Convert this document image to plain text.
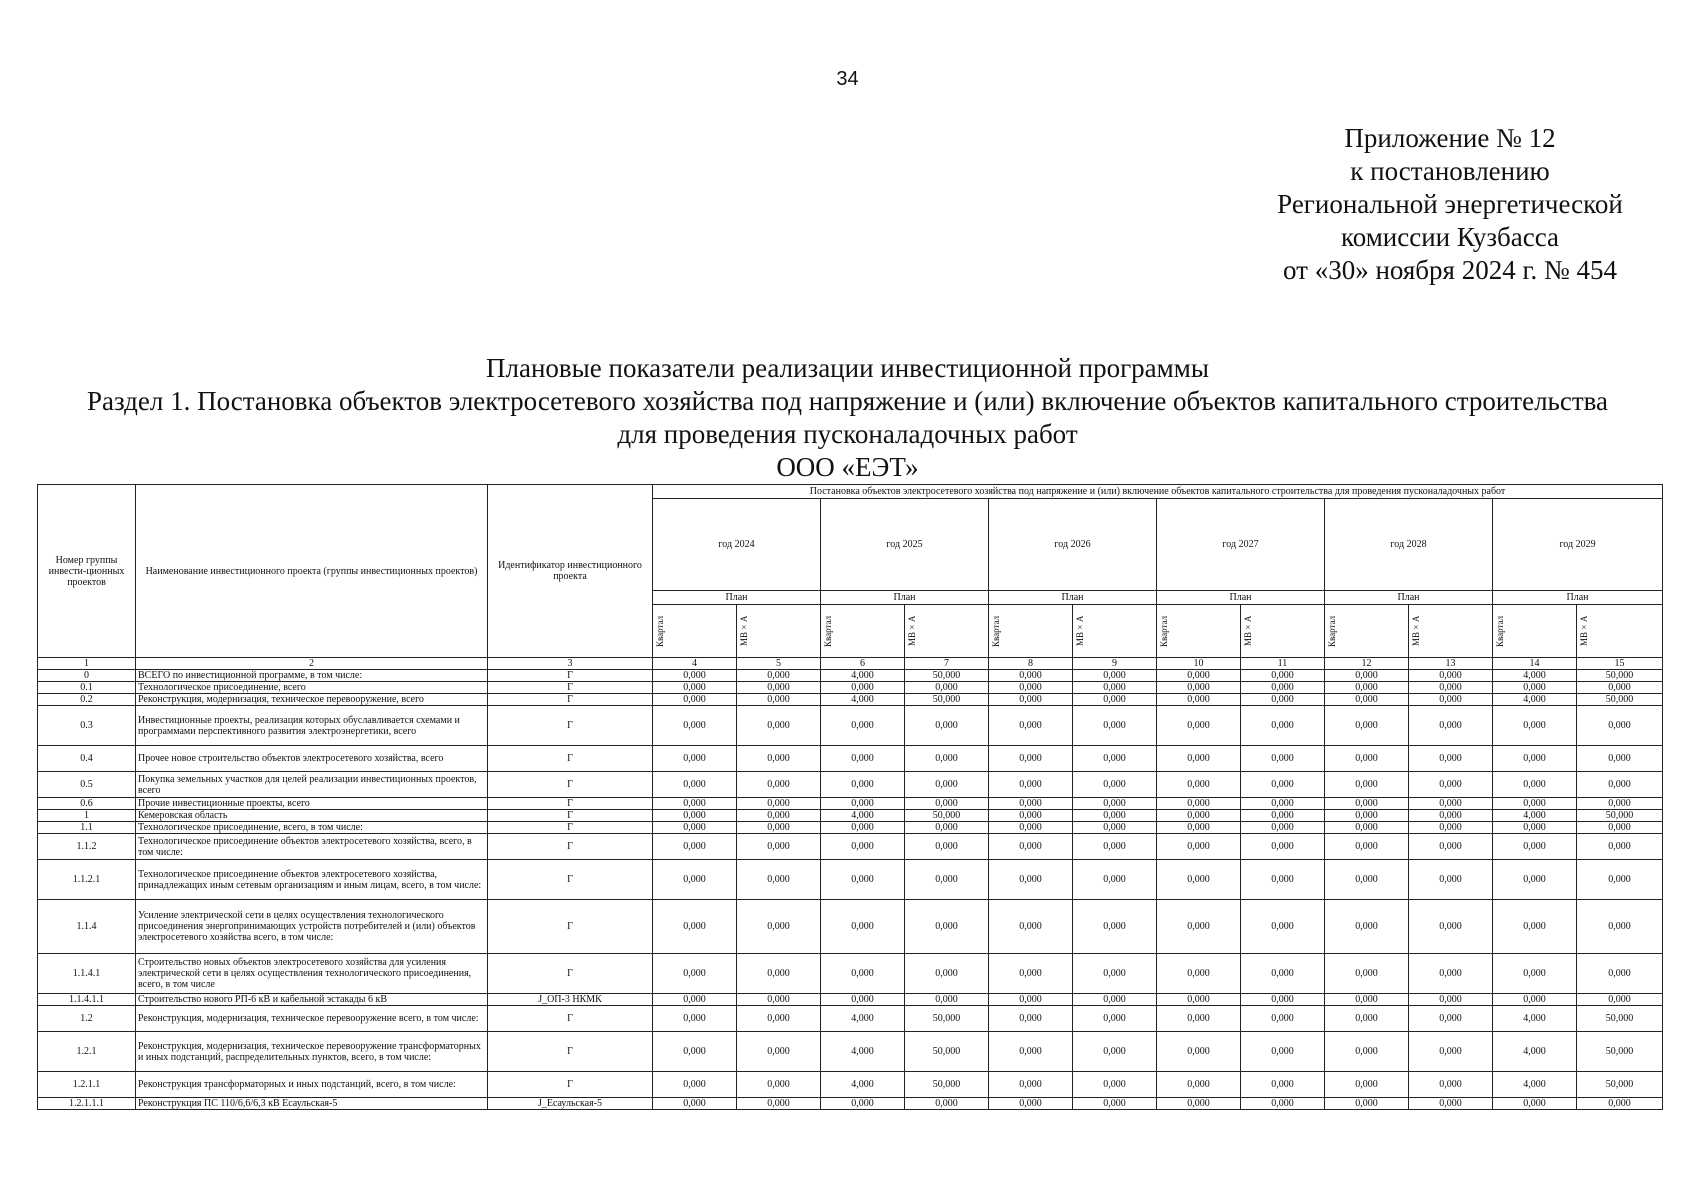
34
Приложение № 12
к постановлению
Региональной энергетической
комиссии Кузбасса
от «30» ноября 2024 г. № 454
Плановые показатели реализации инвестиционной программы
Раздел 1. Постановка объектов электросетевого хозяйства под напряжение и (или) включение объектов капитального строительства
для проведения пусконаладочных работ
ООО «ЕЭТ»
Номер группы инвести-ционных проектов	Наименование инвестиционного проекта (группы инвестиционных проектов)	Идентификатор инвестиционного проекта	Постановка объектов электросетевого хозяйства под напряжение и (или) включение объектов капитального строительства для проведения пусконаладочных работ											
			год 2024		год 2025		год 2026		год 2027		год 2028		год 2029	
			План		План		План		План		План		План	

			Квартал	МВ×А	Квартал	МВ×А	Квартал	МВ×А	Квартал	МВ×А	Квартал	МВ×А	Квартал	МВ×А

1	2	3	4	5	6	7	8	9	10	11	12	13	14	15
0	ВСЕГО по инвестиционной программе, в том числе:	Г	0,000	0,000	4,000	50,000	0,000	0,000	0,000	0,000	0,000	0,000	4,000	50,000
0.1	Технологическое присоединение, всего	Г	0,000	0,000	0,000	0,000	0,000	0,000	0,000	0,000	0,000	0,000	0,000	0,000
0.2	Реконструкция, модернизация, техническое перевооружение, всего	Г	0,000	0,000	4,000	50,000	0,000	0,000	0,000	0,000	0,000	0,000	4,000	50,000
0.3	Инвестиционные проекты, реализация которых обуславливается схемами и программами перспективного развития электроэнергетики, всего	Г	0,000	0,000	0,000	0,000	0,000	0,000	0,000	0,000	0,000	0,000	0,000	0,000
0.4	Прочее новое строительство объектов электросетевого хозяйства, всего	Г	0,000	0,000	0,000	0,000	0,000	0,000	0,000	0,000	0,000	0,000	0,000	0,000
0.5	Покупка земельных участков для целей реализации инвестиционных проектов, всего	Г	0,000	0,000	0,000	0,000	0,000	0,000	0,000	0,000	0,000	0,000	0,000	0,000
0.6	Прочие инвестиционные проекты, всего	Г	0,000	0,000	0,000	0,000	0,000	0,000	0,000	0,000	0,000	0,000	0,000	0,000
1	Кемеровская область	Г	0,000	0,000	4,000	50,000	0,000	0,000	0,000	0,000	0,000	0,000	4,000	50,000
1.1	Технологическое присоединение, всего, в том числе:	Г	0,000	0,000	0,000	0,000	0,000	0,000	0,000	0,000	0,000	0,000	0,000	0,000
1.1.2	Технологическое присоединение объектов электросетевого хозяйства, всего, в том числе:	Г	0,000	0,000	0,000	0,000	0,000	0,000	0,000	0,000	0,000	0,000	0,000	0,000
1.1.2.1	Технологическое присоединение объектов электросетевого хозяйства, принадлежащих иным сетевым организациям и иным лицам, всего, в том числе:	Г	0,000	0,000	0,000	0,000	0,000	0,000	0,000	0,000	0,000	0,000	0,000	0,000
1.1.4	Усиление электрической сети в целях осуществления технологического присоединения энергопринимающих устройств потребителей и (или) объектов электросетевого хозяйства всего, в том числе:	Г	0,000	0,000	0,000	0,000	0,000	0,000	0,000	0,000	0,000	0,000	0,000	0,000
1.1.4.1	Строительство новых объектов электросетевого хозяйства для усиления электрической сети в целях осуществления технологического присоединения, всего, в том числе	Г	0,000	0,000	0,000	0,000	0,000	0,000	0,000	0,000	0,000	0,000	0,000	0,000
1.1.4.1.1	Строительство нового РП-6 кВ и кабельной эстакады 6 кВ	J_ОП-3 НКМК	0,000	0,000	0,000	0,000	0,000	0,000	0,000	0,000	0,000	0,000	0,000	0,000
1.2	Реконструкция, модернизация, техническое перевооружение всего, в том числе:	Г	0,000	0,000	4,000	50,000	0,000	0,000	0,000	0,000	0,000	0,000	4,000	50,000
1.2.1	Реконструкция, модернизация, техническое перевооружение трансформаторных и иных подстанций, распределительных пунктов, всего, в том числе:	Г	0,000	0,000	4,000	50,000	0,000	0,000	0,000	0,000	0,000	0,000	4,000	50,000
1.2.1.1	Реконструкция трансформаторных и иных подстанций, всего, в том числе:	Г	0,000	0,000	4,000	50,000	0,000	0,000	0,000	0,000	0,000	0,000	4,000	50,000
1.2.1.1.1	Реконструкция ПС 110/6,6/6,3 кВ Есаульская-5	J_Есаульская-5	0,000	0,000	0,000	0,000	0,000	0,000	0,000	0,000	0,000	0,000	0,000	0,000
